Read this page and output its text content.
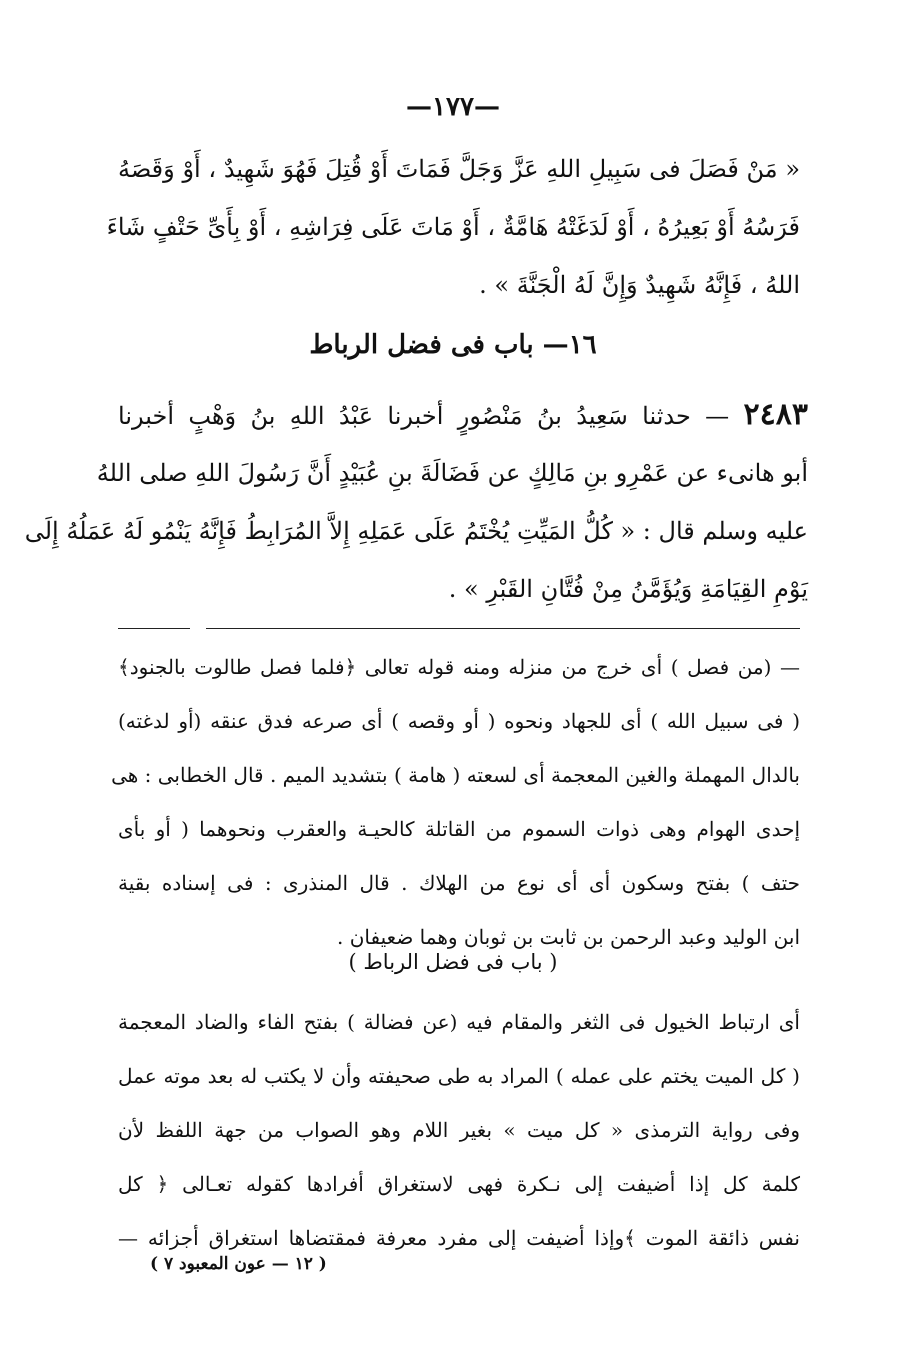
—١٧٧—
« مَنْ فَصَلَ فى سَبِيلِ اللهِ عَزَّ وَجَلَّ فَمَاتَ أَوْ قُتِلَ فَهُوَ شَهِيدٌ ، أَوْ وَقَصَهُ
فَرَسُهُ أَوْ بَعِيرُهُ ، أَوْ لَدَغَتْهُ هَامَّةٌ ، أَوْ مَاتَ عَلَى فِرَاشِهِ ، أَوْ بِأَىِّ حَتْفٍ شَاءَ
اللهُ ، فَإِنَّهُ شَهِيدٌ وَإِنَّ لَهُ الْجَنَّةَ » .
١٦— باب فى فضل الرباط
٢٤٨٣ — حدثنا سَعِيدُ بنُ مَنْصُورٍ أخبرنا عَبْدُ اللهِ بنُ وَهْبٍ أخبرنا
أبو هانىء عن عَمْرِو بنِ مَالِكٍ عن فَضَالَةَ بنِ عُبَيْدٍ أَنَّ رَسُولَ اللهِ صلى اللهُ
عليه وسلم قال : « كُلُّ المَيِّتِ يُخْتَمُ عَلَى عَمَلِهِ إِلاَّ المُرَابِطُ فَإِنَّهُ يَنْمُو لَهُ عَمَلُهُ إِلَى
يَوْمِ القِيَامَةِ وَيُؤَمَّنُ مِنْ فُتَّانِ القَبْرِ » .
— (من فصل ) أى خرج من منزله ومنه قوله تعالى ﴿فلما فصل طالوت بالجنود﴾
( فى سبيل الله ) أى للجهاد ونحوه ( أو وقصه ) أى صرعه فدق عنقه (أو لدغته)
بالدال المهملة والغين المعجمة أى لسعته ( هامة ) بتشديد الميم . قال الخطابى : هى
إحدى الهوام وهى ذوات السموم من القاتلة كالحيـة والعقرب ونحوهما ( أو بأى
حتف ) بفتح وسكون أى أى نوع من الهلاك . قال المنذرى : فى إسناده بقية
ابن الوليد وعبد الرحمن بن ثابت بن ثوبان وهما ضعيفان .
( باب فى فضل الرباط )
أى ارتباط الخيول فى الثغر والمقام فيه (عن فضالة ) بفتح الفاء والضاد المعجمة
( كل الميت يختم على عمله ) المراد به طى صحيفته وأن لا يكتب له بعد موته عمل
وفى رواية الترمذى « كل ميت » بغير اللام وهو الصواب من جهة اللفظ لأن
كلمة كل إذا أضيفت إلى نـكرة فهى لاستغراق أفرادها كقوله تعـالى ﴿ كل
نفس ذائقة الموت ﴾وإذا أضيفت إلى مفرد معرفة فمقتضاها استغراق أجزائه —
( ١٢ — عون المعبود ٧ )
